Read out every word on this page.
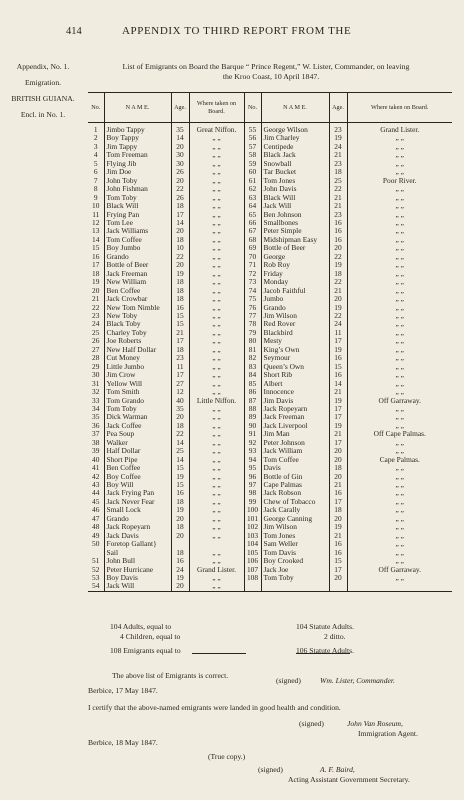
414	APPENDIX TO THIRD REPORT FROM THE
Appendix, No. 1.
Emigration.
BRITISH GUIANA.
Encl. in No. 1.
List of Emigrants on Board the Barque “ Prince Regent,” W. Lister, Commander, on leaving
the Kroo Coast, 10 April 1847.
No.	N A M E.	Age.	Where taken on Board.	No.	N A M E.	Age.	Where taken on Board.
1	Jimbo Tappy	35	Great Niffon.	55	George Wilson	23	Grand Lister.
2	Boy Tappy	14	„ „	56	Jim Charley	19	„ „
3	Jim Tappy	20	„ „	57	Centipede	24	„ „
4	Tom Freeman	30	„ „	58	Black Jack	21	„ „
5	Flying Jib	30	„ „	59	Snowball	23	„ „
6	Jim Doe	26	„ „	60	Tar Bucket	18	„ „
7	John Toby	20	„ „	61	Tom Jones	25	Poor River.
8	John Fishman	22	„ „	62	John Davis	22	„ „
9	Tom Toby	26	„ „	63	Black Will	21	„ „
10	Black Will	18	„ „	64	Jack Will	21	„ „
11	Frying Pan	17	„ „	65	Ben Johnson	23	„ „
12	Tom Lee	14	„ „	66	Smallbones	16	„ „
13	Jack Williams	20	„ „	67	Peter Simple	16	„ „
14	Tom Coffee	18	„ „	68	Midshipman Easy	16	„ „
15	Boy Jumbo	10	„ „	69	Bottle of Beer	20	„ „
16	Grando	22	„ „	70	George	22	„ „
17	Bottle of Beer	20	„ „	71	Rob Roy	19	„ „
18	Jack Freeman	19	„ „	72	Friday	18	„ „
19	New William	18	„ „	73	Monday	22	„ „
20	Ben Coffee	18	„ „	74	Jacob Faithful	21	„ „
21	Jack Crowbar	18	„ „	75	Jumbo	20	„ „
22	New Tom Nimble	16	„ „	76	Grando	19	„ „
23	New Toby	15	„ „	77	Jim Wilson	22	„ „
24	Black Toby	15	„ „	78	Red Rover	24	„ „
25	Charley Toby	21	„ „	79	Blackbird	11	„ „
26	Joe Roberts	17	„ „	80	Mesty	17	„ „
27	New Half Dollar	18	„ „	81	King’s Own	19	„ „
28	Cut Money	23	„ „	82	Seymour	16	„ „
29	Little Jumbo	11	„ „	83	Queen’s Own	15	„ „
30	Jim Crow	17	„ „	84	Short Rib	16	„ „
31	Yellow Will	27	„ „	85	Albert	14	„ „
32	Tom Smith	12	„ „	86	Innocence	21	„ „
33	Tom Grando	40	Little Niffon.	87	Jim Davis	19	Off Garraway.
34	Tom Toby	35	„ „	88	Jack Ropeyarn	17	„ „
35	Dick Warman	20	„ „	89	Jack Freeman	17	„ „
36	Jack Coffee	18	„ „	90	Jack Liverpool	19	„ „
37	Pea Soup	22	„ „	91	Jim Man	21	Off Cape Palmas.
38	Walker	14	„ „	92	Peter Johnson	17	„ „
39	Half Dollar	25	„ „	93	Jack William	20	„ „
40	Short Pipe	14	„ „	94	Tom Coffee	20	Cape Palmas.
41	Ben Coffee	15	„ „	95	Davis	18	„ „
42	Boy Coffee	19	„ „	96	Bottle of Gin	20	„ „
43	Boy Will	15	„ „	97	Cape Palmas	21	„ „
44	Jack Frying Pan	16	„ „	98	Jack Robson	16	„ „
45	Jack Never Fear	18	„ „	99	Chew of Tobacco	17	„ „
46	Small Lock	19	„ „	100	Jack Carally	18	„ „
47	Grando	20	„ „	101	George Canning	20	„ „
48	Jack Ropeyarn	18	„ „	102	Jim Wilson	19	„ „
49	Jack Davis	20	„ „	103	Tom Jones	21	„ „
50	Foretop Gallant}			104	Sam Weller	16	„ „
	Sail	18	„ „	105	Tom Davis	16	„ „
51	John Bull	16	„ „	106	Boy Crooked	15	„ „
52	Peter Hurricane	24	Grand Lister.	107	Jack Joe	17	Off Garraway.
53	Boy Davis	19	„ „	108	Tom Toby	20	„ „
54	Jack Will	20	„ „				
104 Adults, equal to	104 Statute Adults.
4 Children, equal to	2 ditto.
108 Emigrants equal to	106 Statute Adults.
The above list of Emigrants is correct.
Berbice, 17 May 1847.
(signed)	Wm. Lister, Commander.
I certify that the above-named emigrants were landed in good health and condition.
(signed)	John Van Roseum,
Immigration Agent.
Berbice, 18 May 1847.
(True copy.)
(signed)	A. F. Baird,
Acting Assistant Government Secretary.
